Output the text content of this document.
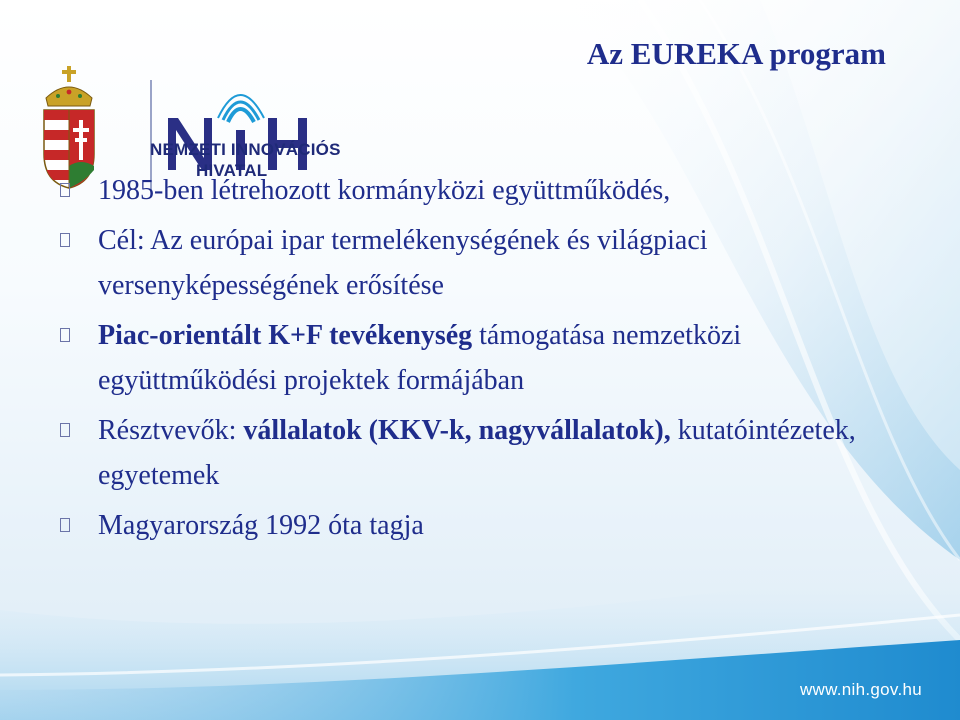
NEMZETI INNOVÁCIÓS
HIVATAL
Az EUREKA program
1985-ben létrehozott kormányközi együttműködés,
Cél: Az európai ipar termelékenységének és világpiaci versenyképességének erősítése
Piac-orientált K+F tevékenység támogatása nemzetközi együttműködési projektek formájában
Résztvevők: vállalatok (KKV-k, nagyvállalatok), kutatóintézetek, egyetemek
Magyarország 1992 óta tagja
www.nih.gov.hu
